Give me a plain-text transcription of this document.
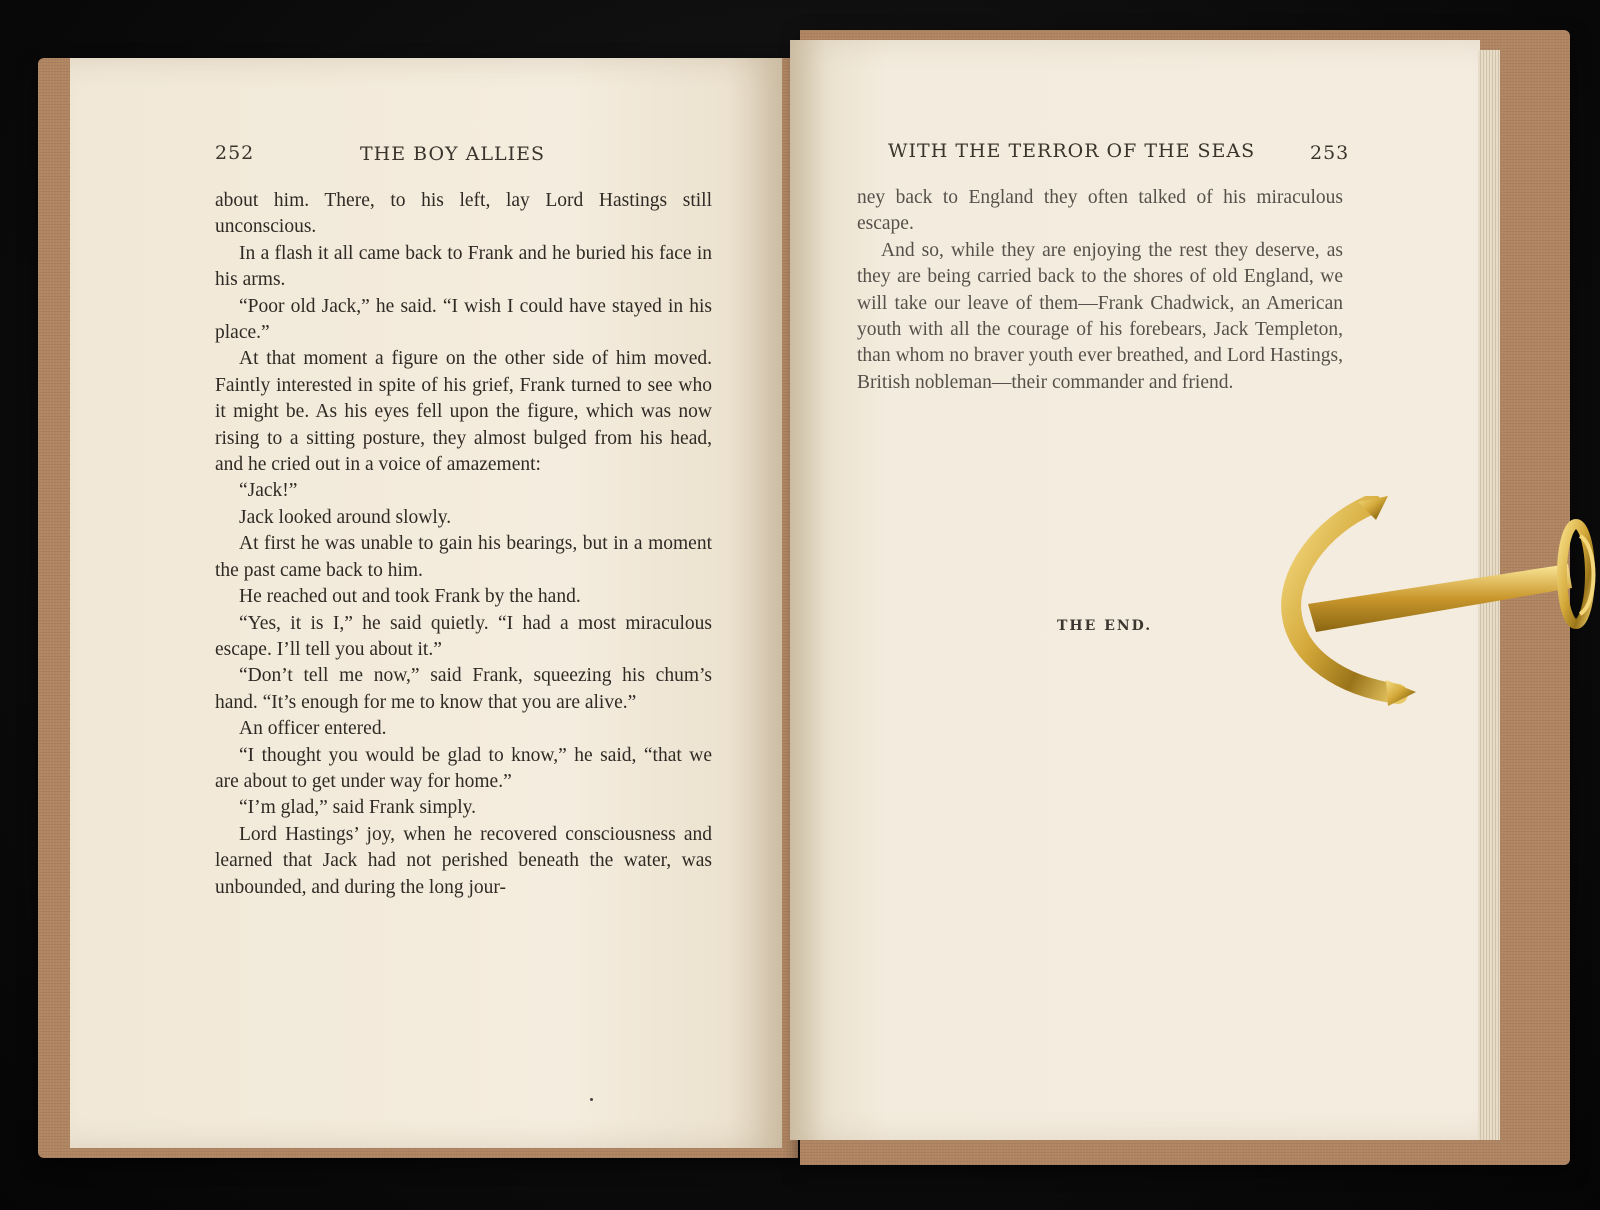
252	THE BOY ALLIES	WITH THE TERROR OF THE SEAS	253

about him. There, to his left, lay Lord Hastings still unconscious.

In a flash it all came back to Frank and he buried his face in his arms.

“Poor old Jack,” he said. “I wish I could have stayed in his place.”

At that moment a figure on the other side of him moved. Faintly interested in spite of his grief, Frank turned to see who it might be. As his eyes fell upon the figure, which was now rising to a sitting posture, they almost bulged from his head, and he cried out in a voice of amazement:

“Jack!”

Jack looked around slowly.

At first he was unable to gain his bearings, but in a moment the past came back to him.

He reached out and took Frank by the hand.

“Yes, it is I,” he said quietly. “I had a most miraculous escape. I’ll tell you about it.”

“Don’t tell me now,” said Frank, squeezing his chum’s hand. “It’s enough for me to know that you are alive.”

An officer entered.

“I thought you would be glad to know,” he said, “that we are about to get under way for home.”

“I’m glad,” said Frank simply.

Lord Hastings’ joy, when he recovered consciousness and learned that Jack had not perished beneath the water, was unbounded, and during the long jour-

ney back to England they often talked of his miraculous escape.

And so, while they are enjoying the rest they deserve, as they are being carried back to the shores of old England, we will take our leave of them—Frank Chadwick, an American youth with all the courage of his forebears, Jack Templeton, than whom no braver youth ever breathed, and Lord Hastings, British nobleman—their commander and friend.

THE END.
